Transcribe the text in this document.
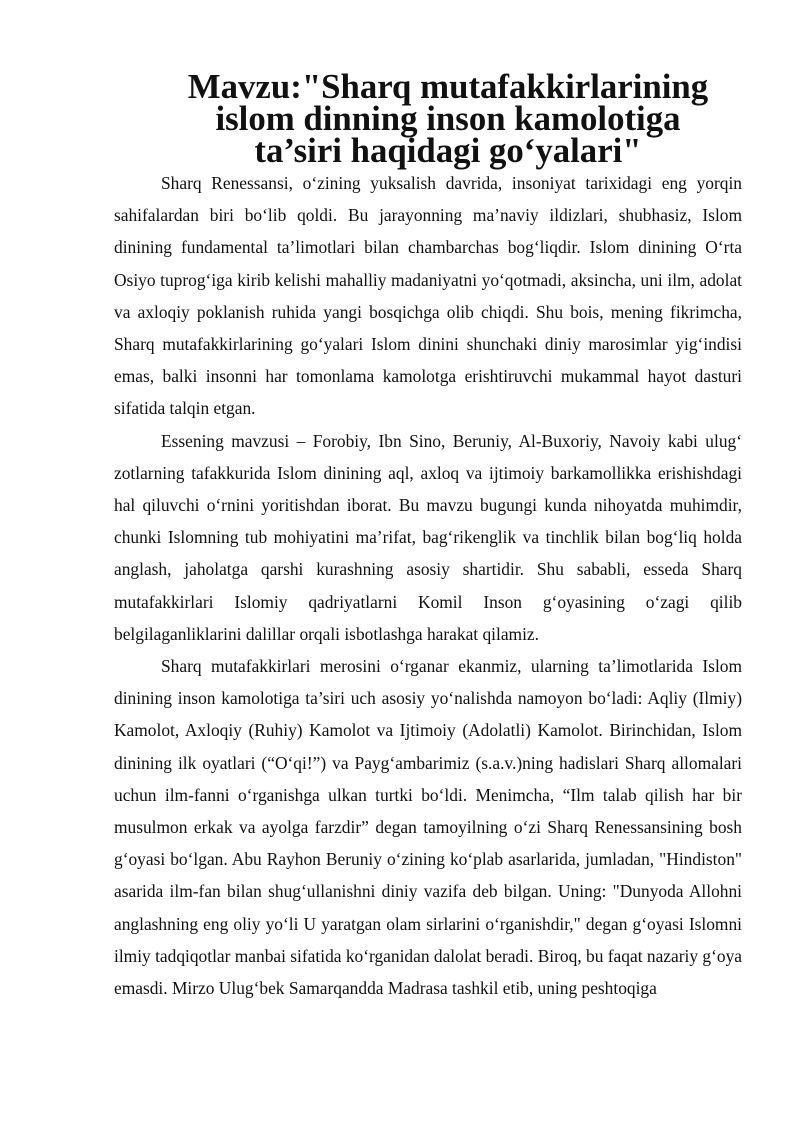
Mavzu:"Sharq mutafakkirlarining islom dinning inson kamolotiga
ta’siri haqidagi go‘yalari"

Sharq Renessansi, o‘zining yuksalish davrida, insoniyat tarixidagi eng yorqin sahifalardan biri bo‘lib qoldi. Bu jarayonning ma’naviy ildizlari, shubhasiz, Islom dinining fundamental ta’limotlari bilan chambarchas bog‘liqdir. Islom dinining O‘rta Osiyo tuprog‘iga kirib kelishi mahalliy madaniyatni yo‘qotmadi, aksincha, uni ilm, adolat va axloqiy poklanish ruhida yangi bosqichga olib chiqdi. Shu bois, mening fikrimcha, Sharq mutafakkirlarining go‘yalari Islom dinini shunchaki diniy marosimlar yig‘indisi emas, balki insonni har tomonlama kamolotga erishtiruvchi mukammal hayot dasturi sifatida talqin etgan.

Essening mavzusi – Forobiy, Ibn Sino, Beruniy, Al-Buxoriy, Navoiy kabi ulug‘ zotlarning tafakkurida Islom dinining aql, axloq va ijtimoiy barkamollikka erishishdagi hal qiluvchi o‘rnini yoritishdan iborat. Bu mavzu bugungi kunda nihoyatda muhimdir, chunki Islomning tub mohiyatini ma’rifat, bag‘rikenglik va tinchlik bilan bog‘liq holda anglash, jaholatga qarshi kurashning asosiy shartidir. Shu sababli, esseda Sharq mutafakkirlari Islomiy qadriyatlarni Komil Inson g‘oyasining o‘zagi qilib belgilaganliklarini dalillar orqali isbotlashga harakat qilamiz.

Sharq mutafakkirlari merosini o‘rganar ekanmiz, ularning ta’limotlarida Islom dinining inson kamolotiga ta’siri uch asosiy yo‘nalishda namoyon bo‘ladi: Aqliy (Ilmiy) Kamolot, Axloqiy (Ruhiy) Kamolot va Ijtimoiy (Adolatli) Kamolot. Birinchidan, Islom dinining ilk oyatlari (“O‘qi!”) va Payg‘ambarimiz (s.a.v.)ning hadislari Sharq allomalari uchun ilm-fanni o‘rganishga ulkan turtki bo‘ldi. Menimcha, “Ilm talab qilish har bir musulmon erkak va ayolga farzdir” degan tamoyilning o‘zi Sharq Renessansining bosh g‘oyasi bo‘lgan. Abu Rayhon Beruniy o‘zining ko‘plab asarlarida, jumladan, "Hindiston" asarida ilm-fan bilan shug‘ullanishni diniy vazifa deb bilgan. Uning: "Dunyoda Allohni anglashning eng oliy yo‘li U yaratgan olam sirlarini o‘rganishdir," degan g‘oyasi Islomni ilmiy tadqiqotlar manbai sifatida ko‘rganidan dalolat beradi. Biroq, bu faqat nazariy g‘oya emasdi. Mirzo Ulug‘bek Samarqandda Madrasa tashkil etib, uning peshtoqiga
